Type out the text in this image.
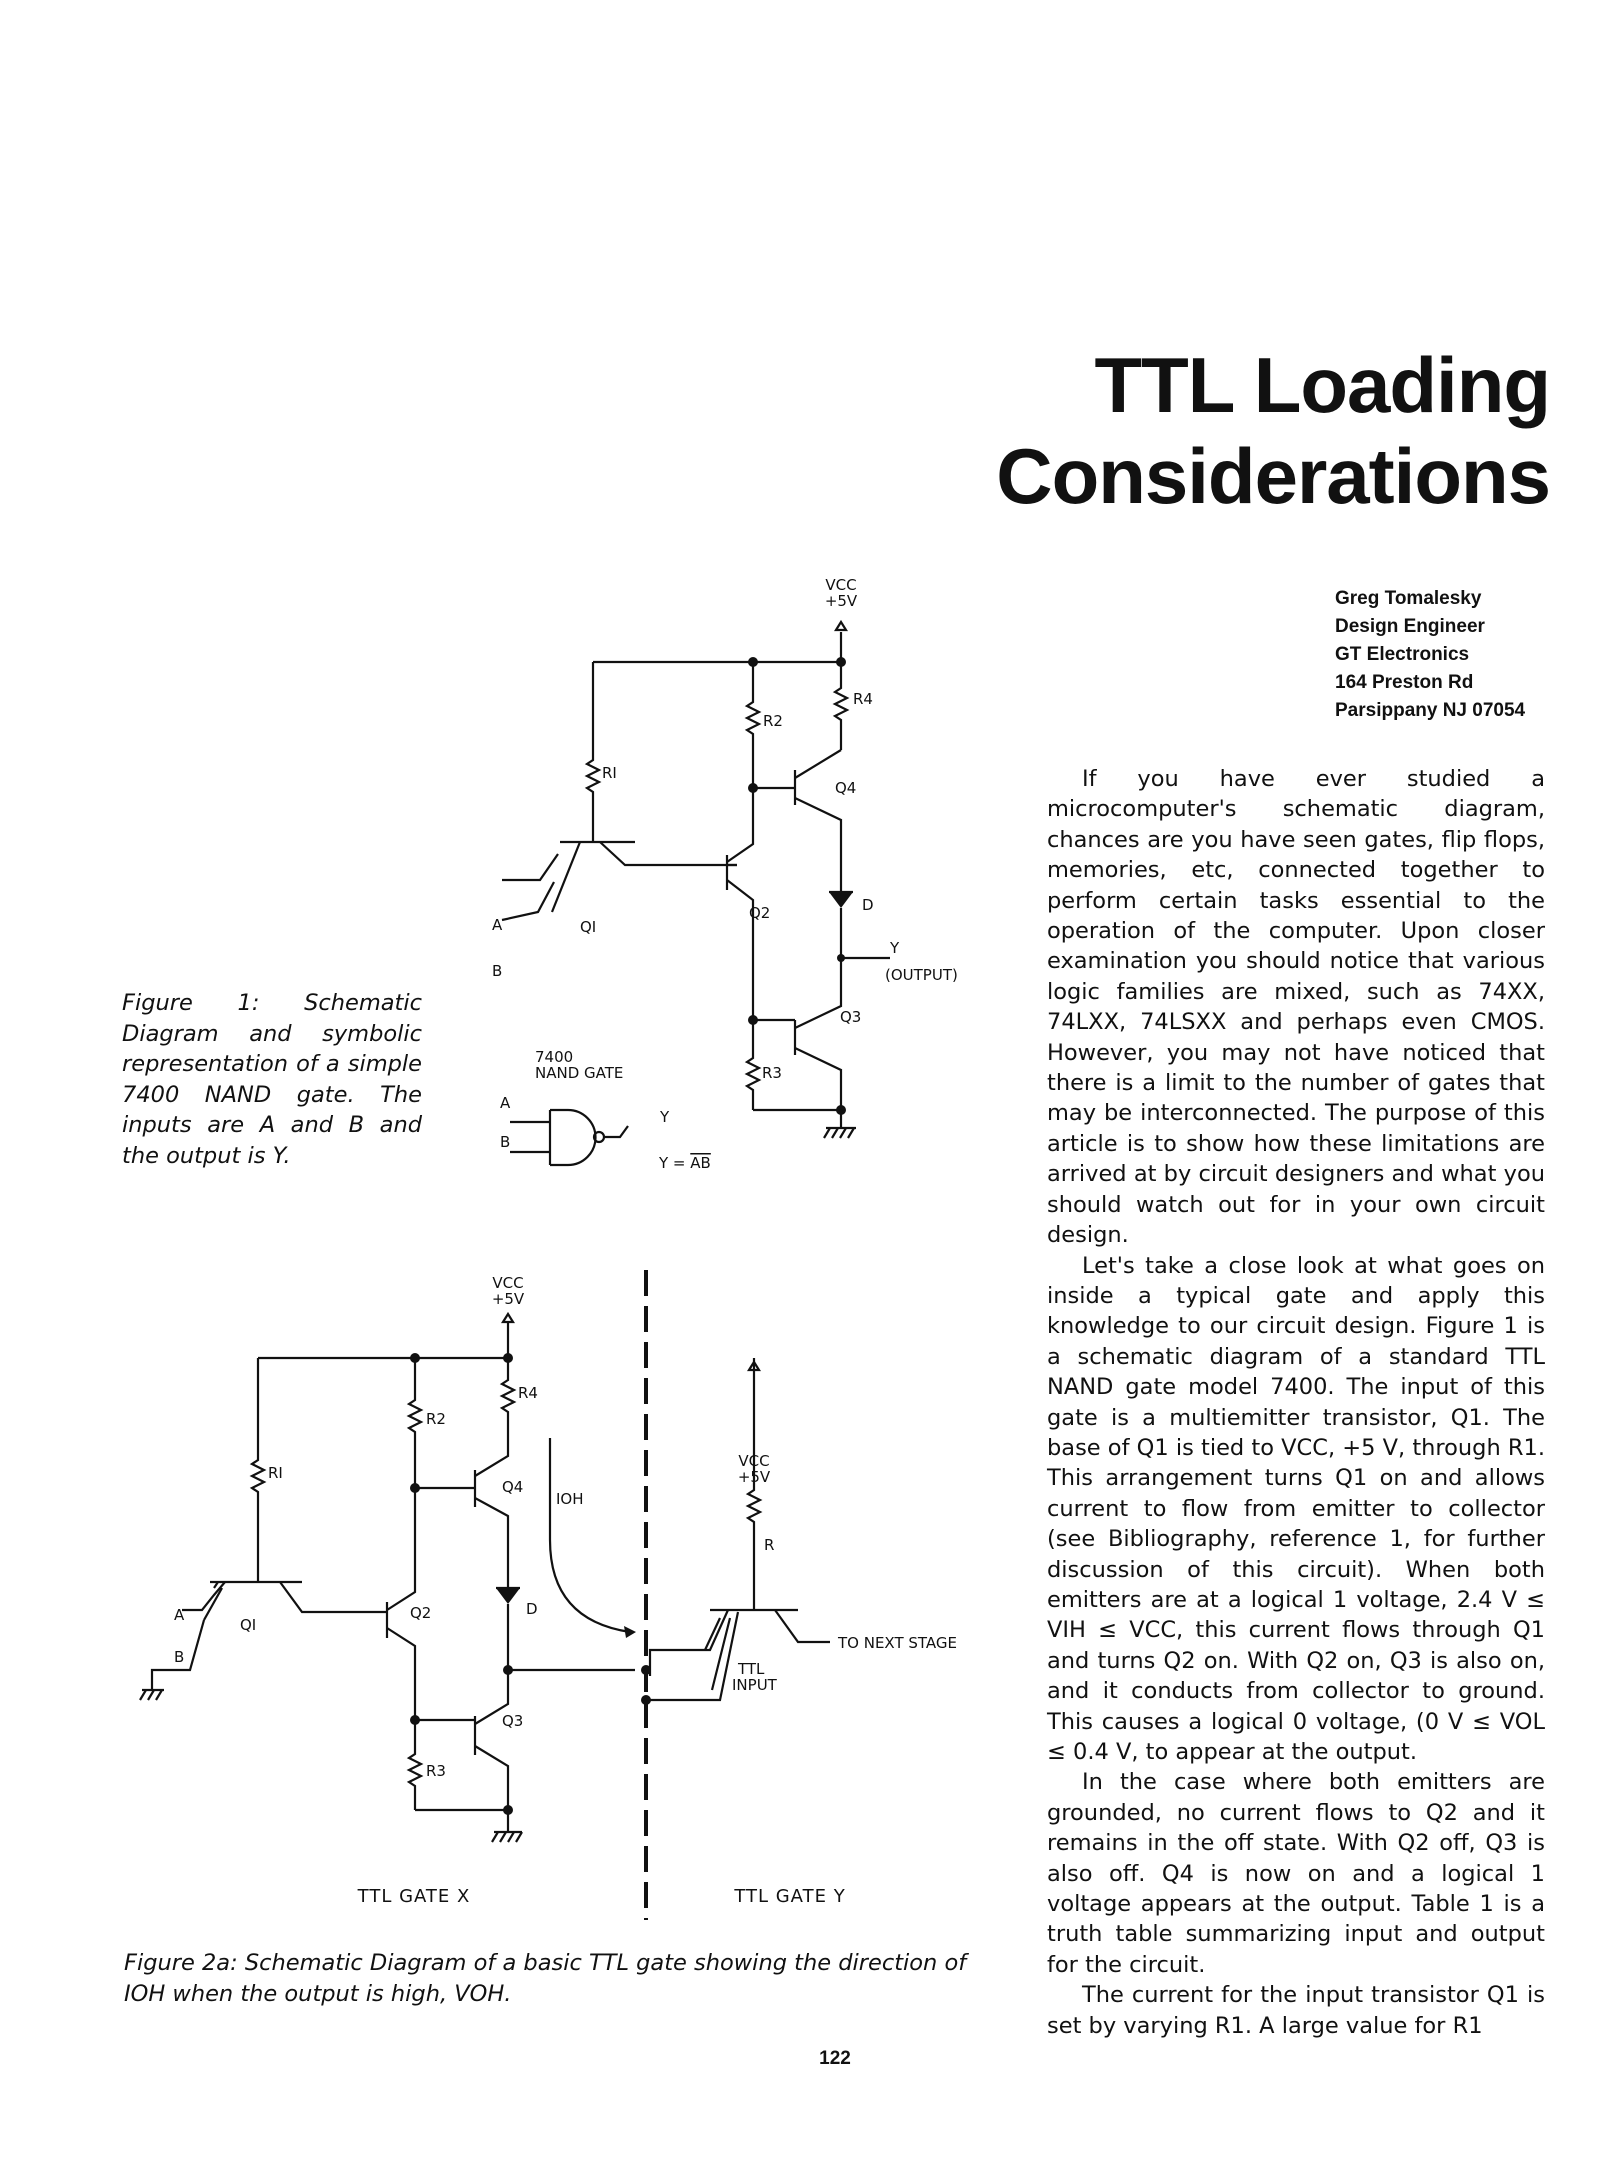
TTL Loading Considerations
Greg Tomalesky
Design Engineer
GT Electronics
164 Preston Rd
Parsippany NJ 07054

If you have ever studied a microcomputer's schematic diagram, chances are you have seen gates, flip flops, memories, etc, connected together to perform certain tasks essential to the operation of the computer. Upon closer examination you should notice that various logic families are mixed, such as 74XX, 74LXX, 74LSXX and perhaps even CMOS. However, you may not have noticed that there is a limit to the number of gates that may be interconnected. The purpose of this article is to show how these limitations are arrived at by circuit designers and what you should watch out for in your own circuit design.

Let's take a close look at what goes on inside a typical gate and apply this knowledge to our circuit design. Figure 1 is a schematic diagram of a standard TTL NAND gate model 7400. The input of this gate is a multiemitter transistor, Q1. The base of Q1 is tied to VCC, +5 V, through R1. This arrangement turns Q1 on and allows current to flow from emitter to collector (see Bibliography, reference 1, for further discussion of this circuit). When both emitters are at a logical 1 voltage, 2.4 V ≤ VIH ≤ VCC, this current flows through Q1 and turns Q2 on. With Q2 on, Q3 is also on, and it conducts from collector to ground. This causes a logical 0 voltage, (0 V ≤ VOL ≤ 0.4 V, to appear at the output.

In the case where both emitters are grounded, no current flows to Q2 and it remains in the off state. With Q2 off, Q3 is also off. Q4 is now on and a logical 1 voltage appears at the output. Table 1 is a truth table summarizing input and output for the circuit.

The current for the input transistor Q1 is set by varying R1. A large value for R1

VCC
+5V
RI
R2
R4
R3
QI
Q2
Q3
Q4
D
A
B
Y
(OUTPUT)
7400
NAND GATE
A
B
Y
Y = AB

Figure 1: Schematic Diagram and symbolic representation of a simple 7400 NAND gate. The inputs are A and B and the output is Y.

VCC
+5V
RI
R2
R4
R3
QI
Q2
Q3
Q4
D
A
B
IOH
VCC
+5V
R
TTL
INPUT
TO NEXT STAGE
TTL GATE X	TTL GATE Y

Figure 2a: Schematic Diagram of a basic TTL gate showing the direction of IOH when the output is high, VOH.

122
